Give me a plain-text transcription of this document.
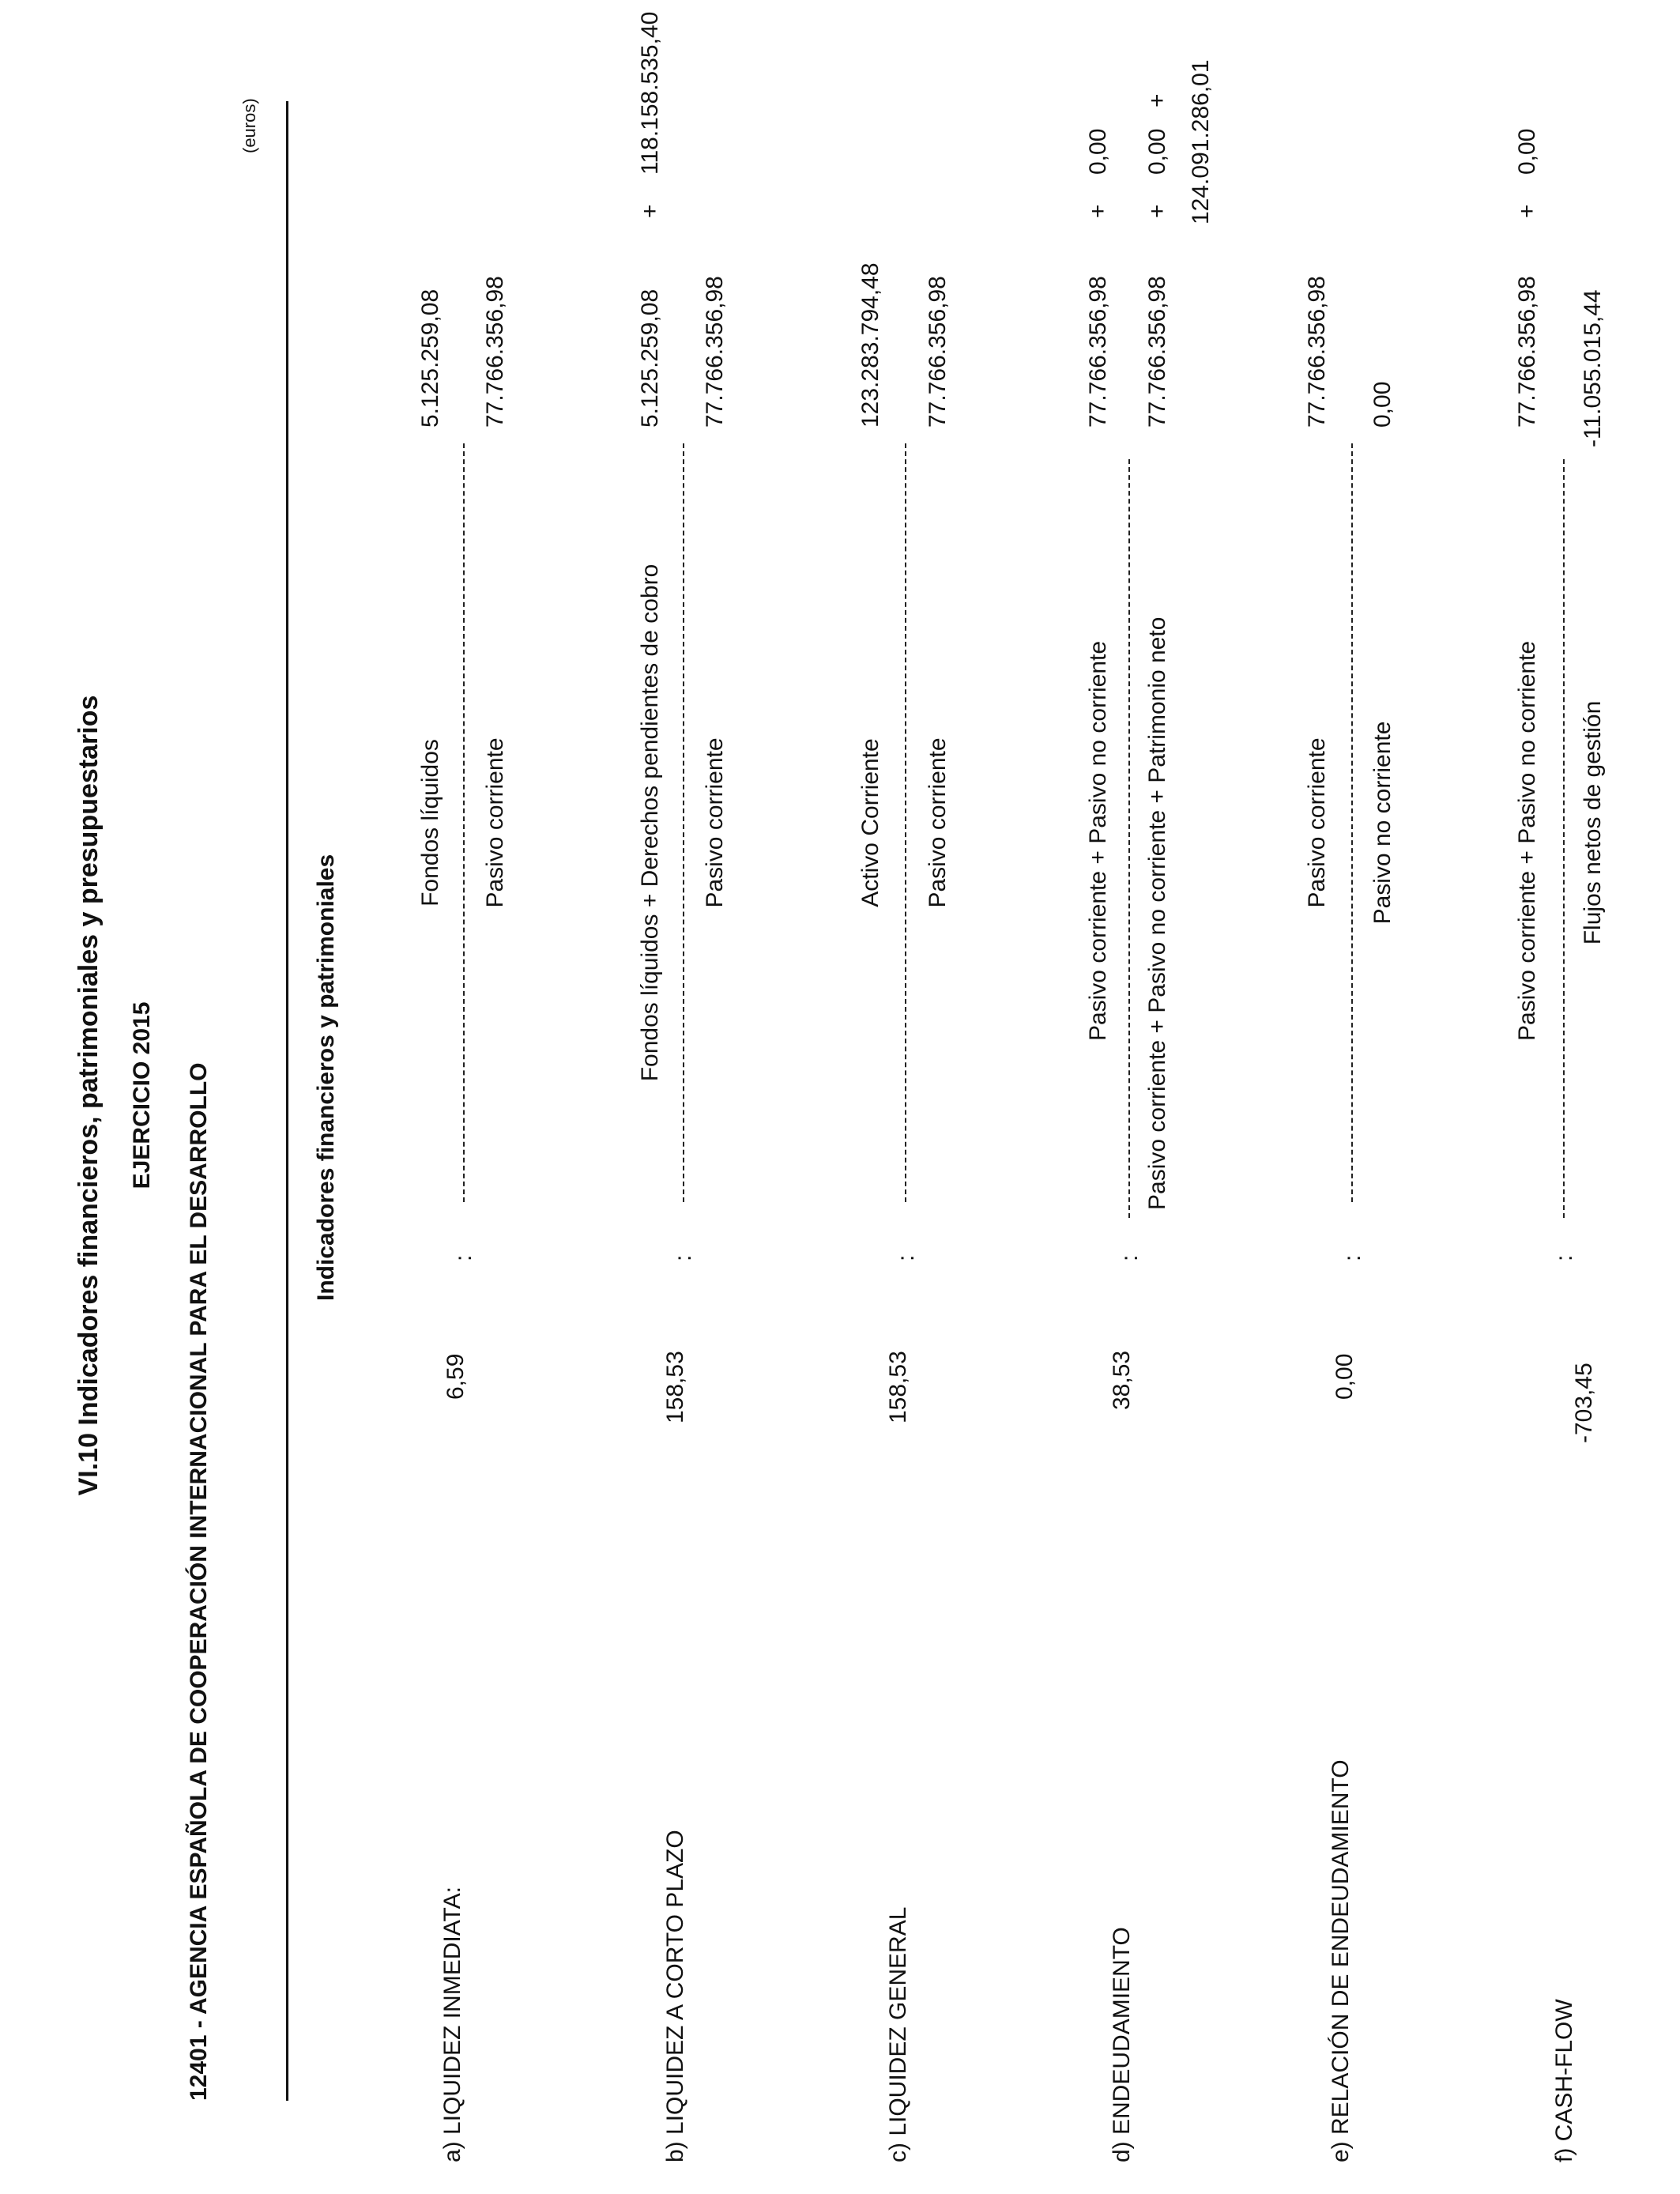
VI.10 Indicadores financieros, patrimoniales y presupuestarios EJERCICIO 2015 12401 - AGENCIA ESPAÑOLA DE COOPERACIÓN INTERNACIONAL PARA EL DESARROLLO
(euros)
Indicadores financieros y patrimoniales
a) LIQUIDEZ INMEDIATA:
6,59
:
Fondos líquidos Pasivo corriente
5.125.259,08 77.766.356,98
b) LIQUIDEZ A CORTO PLAZO
158,53
:
Fondos líquidos + Derechos pendientes de cobro Pasivo corriente
5.125.259,08
+
118.158.535,40
77.766.356,98
c) LIQUIDEZ GENERAL
158,53
:
Activo Corriente Pasivo corriente
123.283.794,48 77.766.356,98
d) ENDEUDAMIENTO
38,53
:
Pasivo corriente + Pasivo no corriente Pasivo corriente + Pasivo no corriente + Patrimonio neto
77.766.356,98
+
0,00
77.766.356,98
+
0,00
+ 124.091.286,01
e) RELACIÓN DE ENDEUDAMIENTO
0,00
:
Pasivo corriente Pasivo no corriente
77.766.356,98 0,00
f) CASH-FLOW
-703,45
:
Pasivo corriente + Pasivo no corriente Flujos netos de gestión
77.766.356,98
+
0,00
-11.055.015,44
